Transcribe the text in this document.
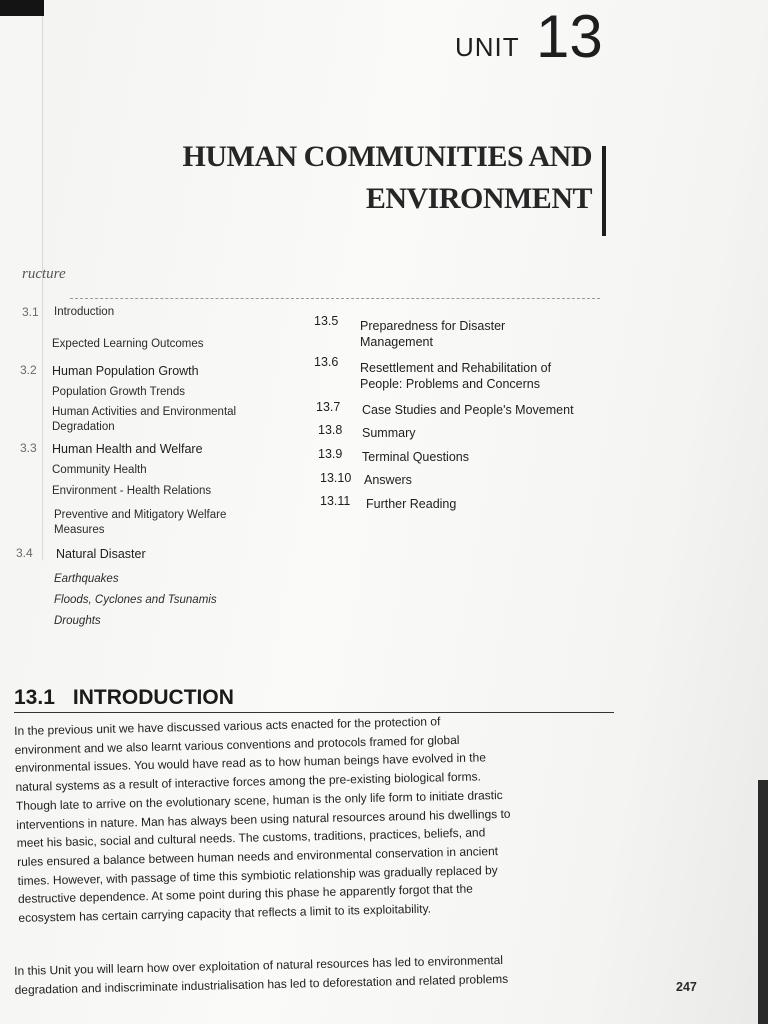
UNIT 13
HUMAN COMMUNITIES AND
ENVIRONMENT
ructure
3.1 Introduction
Expected Learning Outcomes
3.2 Human Population Growth
Population Growth Trends
Human Activities and Environmental
Degradation
3.3 Human Health and Welfare
Community Health
Environment - Health Relations
Preventive and Mitigatory Welfare
Measures
3.4 Natural Disaster
Earthquakes
Floods, Cyclones and Tsunamis
Droughts
13.5 Preparedness for Disaster
Management
13.6 Resettlement and Rehabilitation of
People: Problems and Concerns
13.7 Case Studies and People's Movement
13.8 Summary
13.9 Terminal Questions
13.10 Answers
13.11 Further Reading
13.1 INTRODUCTION
In the previous unit we have discussed various acts enacted for the protection of
environment and we also learnt various conventions and protocols framed for global
environmental issues. You would have read as to how human beings have evolved in the
natural systems as a result of interactive forces among the pre-existing biological forms.
Though late to arrive on the evolutionary scene, human is the only life form to initiate drastic
interventions in nature. Man has always been using natural resources around his dwellings to
meet his basic, social and cultural needs. The customs, traditions, practices, beliefs, and
rules ensured a balance between human needs and environmental conservation in ancient
times. However, with passage of time this symbiotic relationship was gradually replaced by
destructive dependence. At some point during this phase he apparently forgot that the
ecosystem has certain carrying capacity that reflects a limit to its exploitability.
In this Unit you will learn how over exploitation of natural resources has led to environmental
degradation and indiscriminate industrialisation has led to deforestation and related problems	247
